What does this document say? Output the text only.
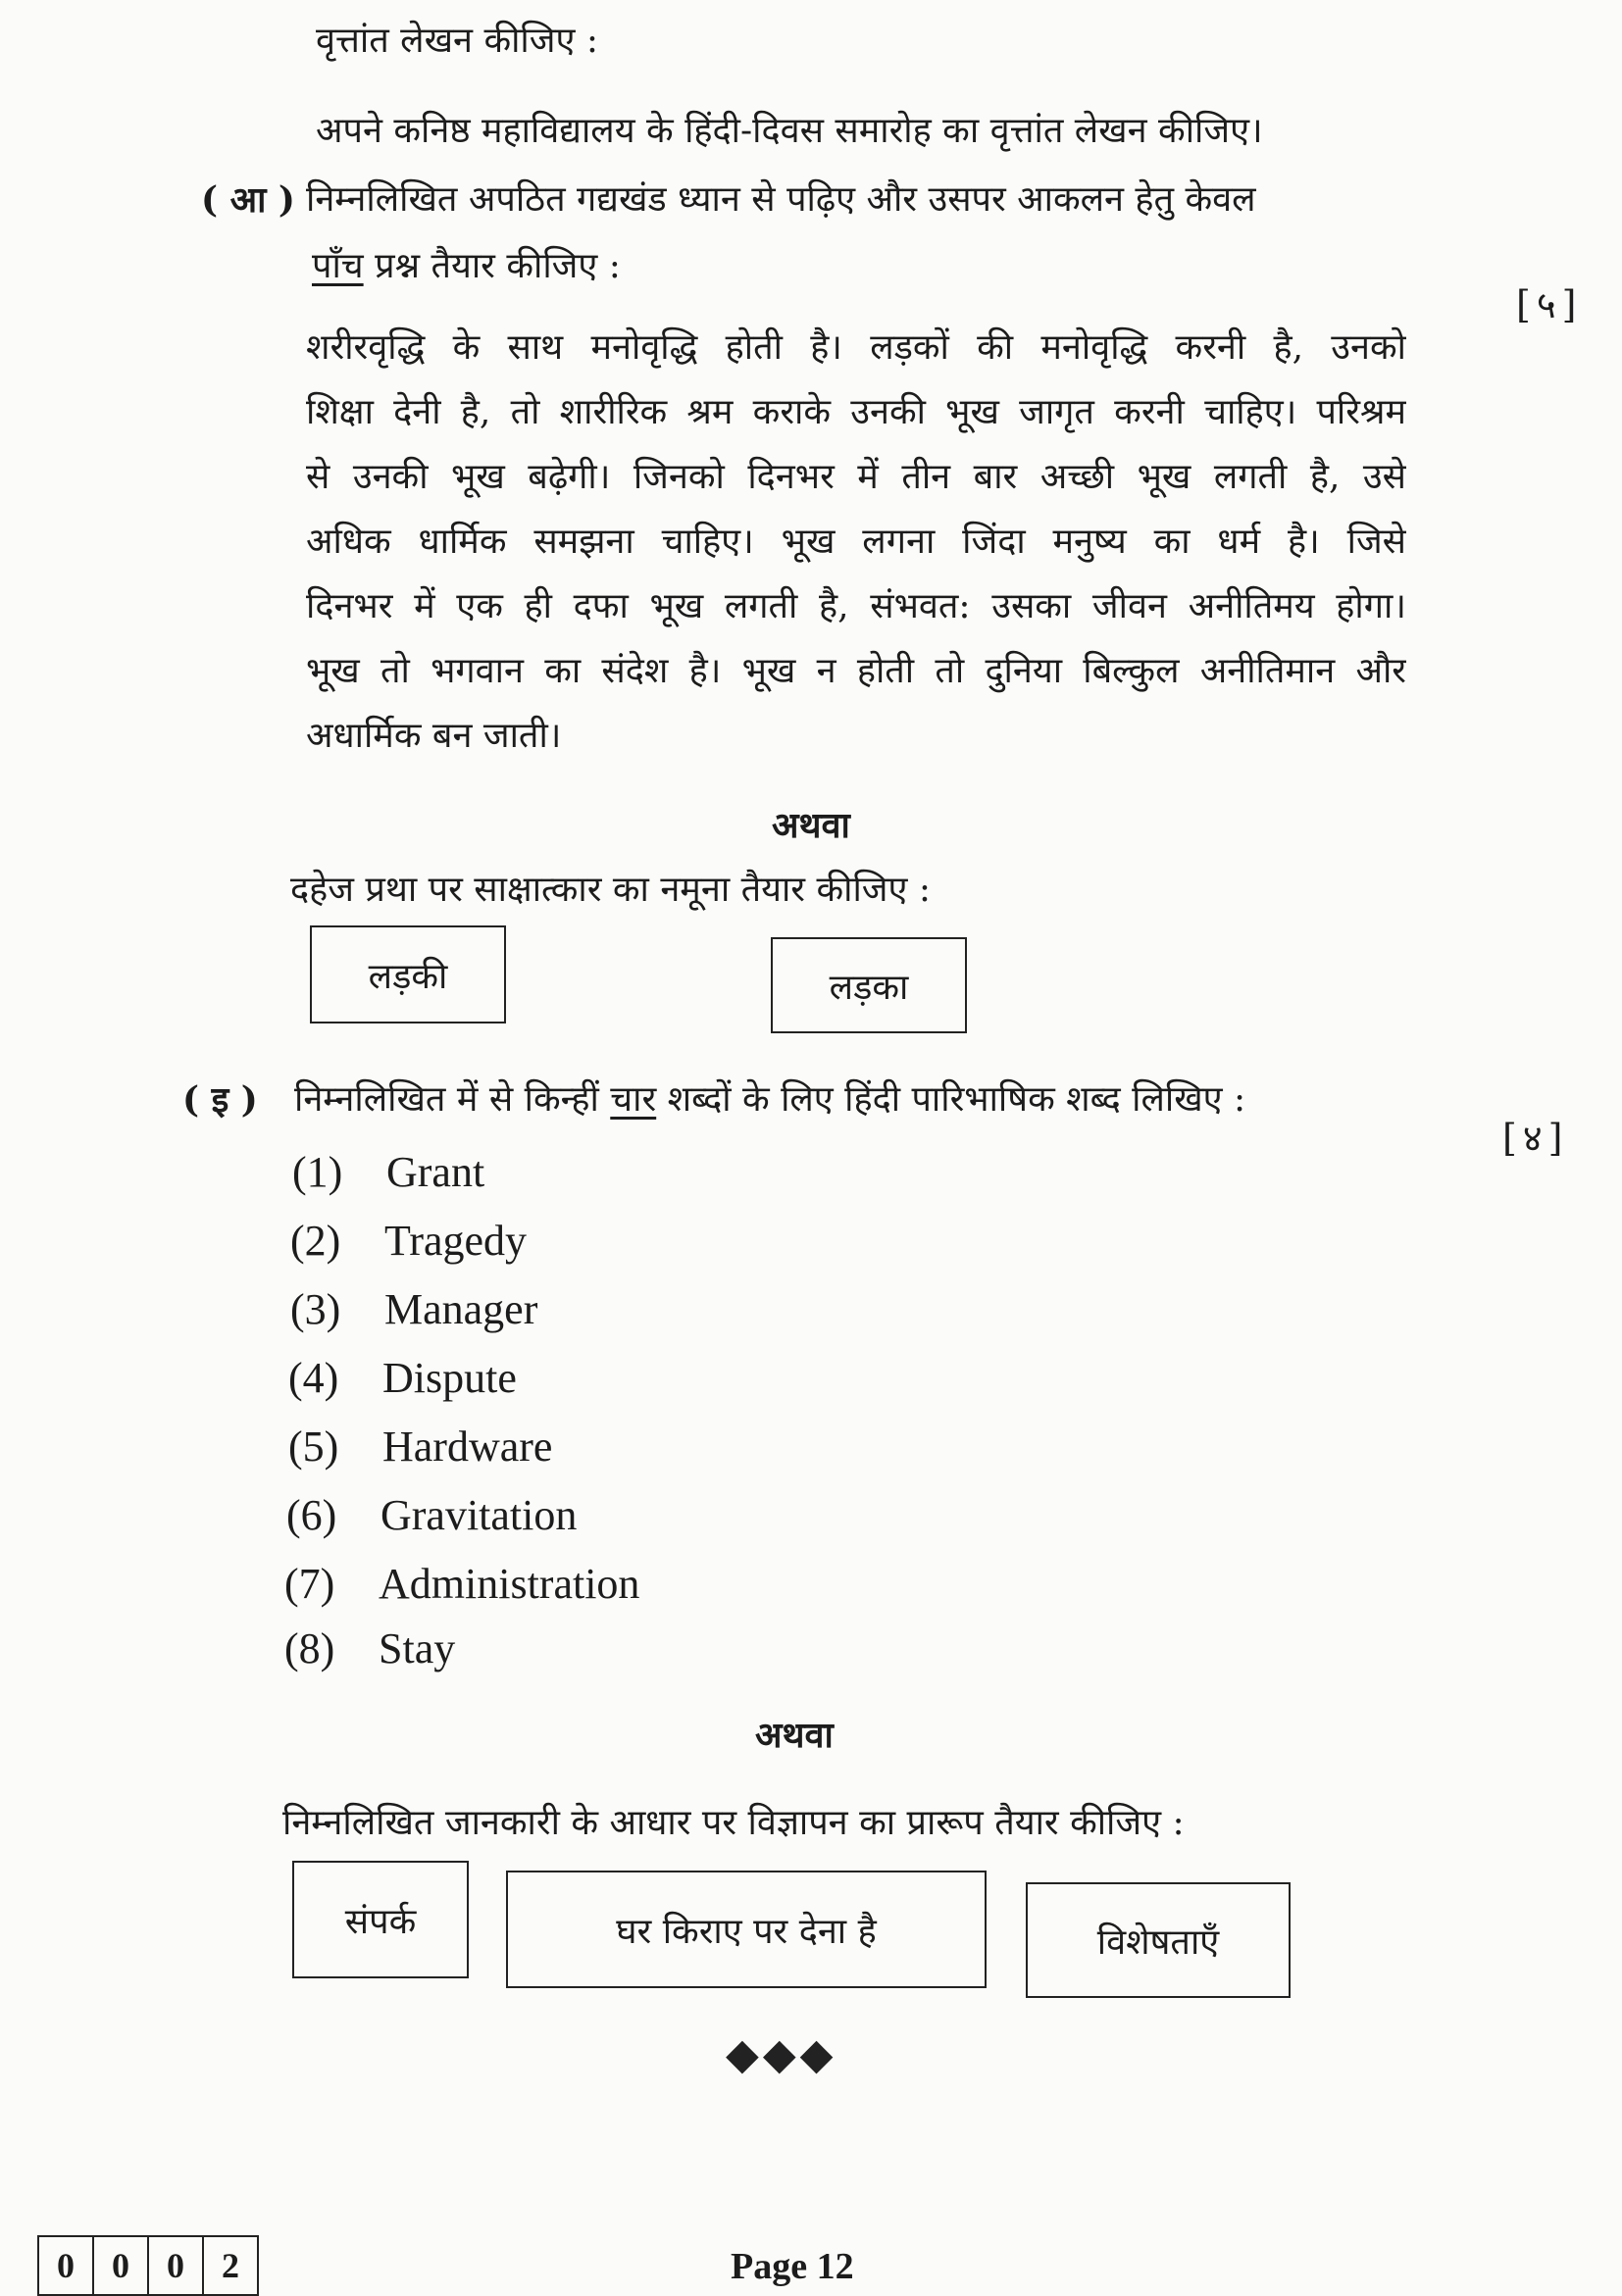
वृत्तांत लेखन कीजिए :
अपने कनिष्ठ महाविद्यालय के हिंदी-दिवस समारोह का वृत्तांत लेखन कीजिए।
( आ ) निम्नलिखित अपठित गद्यखंड ध्यान से पढ़िए और उसपर आकलन हेतु केवल
पाँच प्रश्न तैयार कीजिए :
[५]
शरीरवृद्धि के साथ मनोवृद्धि होती है। लड़कों की मनोवृद्धि करनी है, उनको
शिक्षा देनी है, तो शारीरिक श्रम कराके उनकी भूख जागृत करनी चाहिए। परिश्रम
से उनकी भूख बढ़ेगी। जिनको दिनभर में तीन बार अच्छी भूख लगती है, उसे
अधिक धार्मिक समझना चाहिए। भूख लगना जिंदा मनुष्य का धर्म है। जिसे
दिनभर में एक ही दफा भूख लगती है, संभवत: उसका जीवन अनीतिमय होगा।
भूख तो भगवान का संदेश है। भूख न होती तो दुनिया बिल्कुल अनीतिमान और
अधार्मिक बन जाती।
अथवा
दहेज प्रथा पर साक्षात्कार का नमूना तैयार कीजिए :
लड़की	लड़का
( इ ) निम्नलिखित में से किन्हीं चार शब्दों के लिए हिंदी पारिभाषिक शब्द लिखिए :
[४]
(1) Grant
(2) Tragedy
(3) Manager
(4) Dispute
(5) Hardware
(6) Gravitation
(7) Administration
(8) Stay
अथवा
निम्नलिखित जानकारी के आधार पर विज्ञापन का प्रारूप तैयार कीजिए :
संपर्क	घर किराए पर देना है	विशेषताएँ
◆◆◆
0	0	0	2	Page 12
